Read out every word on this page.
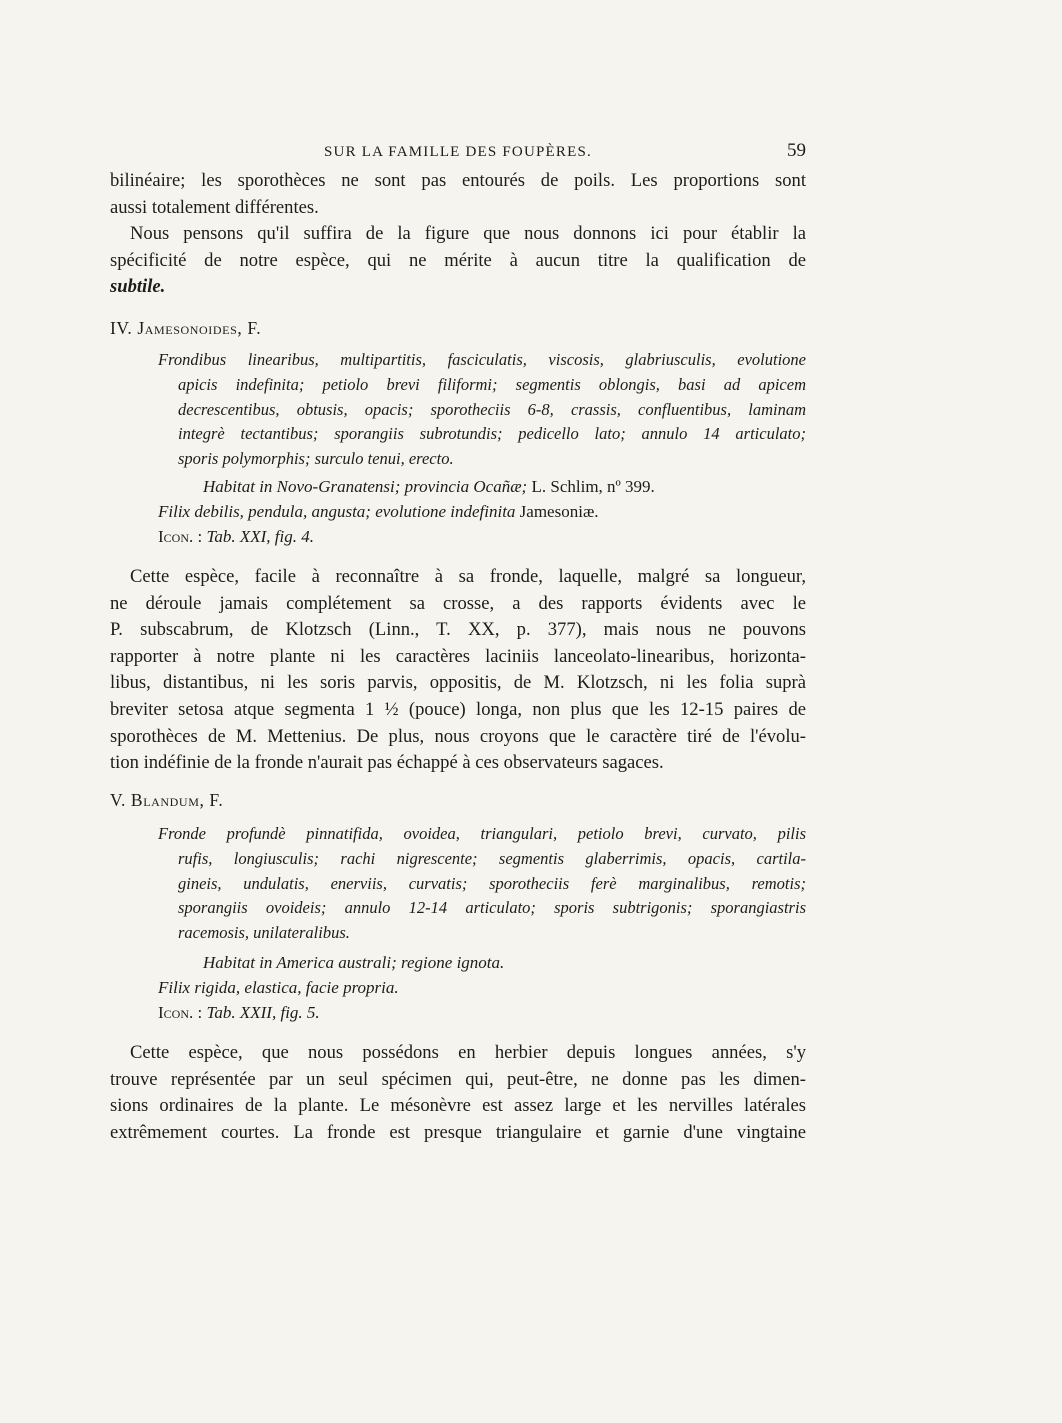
SUR LA FAMILLE DES FOUPÈRES.	59
bilinéaire; les sporothèces ne sont pas entourés de poils. Les proportions sont
aussi totalement différentes.
Nous pensons qu'il suffira de la figure que nous donnons ici pour établir la
spécificité de notre espèce, qui ne mérite à aucun titre la qualification de
subtile.
IV. Jamesonoides, F.
Frondibus linearibus, multipartitis, fasciculatis, viscosis, glabriusculis, evolutione
apicis indefinita; petiolo brevi filiformi; segmentis oblongis, basi ad apicem
decrescentibus, obtusis, opacis; sporotheciis 6-8, crassis, confluentibus, laminam
integrè tectantibus; sporangiis subrotundis; pedicello lato; annulo 14 articulato;
sporis polymorphis; surculo tenui, erecto.
Habitat in Novo-Granatensi; provincia Ocañæ; L. Schlim, nº 399.
Filix debilis, pendula, angusta; evolutione indefinita Jamesoniæ.
Icon. : Tab. XXI, fig. 4.
Cette espèce, facile à reconnaître à sa fronde, laquelle, malgré sa longueur,
ne déroule jamais complétement sa crosse, a des rapports évidents avec le
P. subscabrum, de Klotzsch (Linn., T. XX, p. 377), mais nous ne pouvons
rapporter à notre plante ni les caractères laciniis lanceolato-linearibus, horizonta-
libus, distantibus, ni les soris parvis, oppositis, de M. Klotzsch, ni les folia suprà
breviter setosa atque segmenta 1 ½ (pouce) longa, non plus que les 12-15 paires de
sporothèces de M. Mettenius. De plus, nous croyons que le caractère tiré de l'évolu-
tion indéfinie de la fronde n'aurait pas échappé à ces observateurs sagaces.
V. Blandum, F.
Fronde profundè pinnatifida, ovoidea, triangulari, petiolo brevi, curvato, pilis
rufis, longiusculis; rachi nigrescente; segmentis glaberrimis, opacis, cartila-
gineis, undulatis, enerviis, curvatis; sporotheciis ferè marginalibus, remotis;
sporangiis ovoideis; annulo 12-14 articulato; sporis subtrigonis; sporangiastris
racemosis, unilateralibus.
Habitat in America australi; regione ignota.
Filix rigida, elastica, facie propria.
Icon. : Tab. XXII, fig. 5.
Cette espèce, que nous possédons en herbier depuis longues années, s'y
trouve représentée par un seul spécimen qui, peut-être, ne donne pas les dimen-
sions ordinaires de la plante. Le mésonèvre est assez large et les nervilles latérales
extrêmement courtes. La fronde est presque triangulaire et garnie d'une vingtaine
